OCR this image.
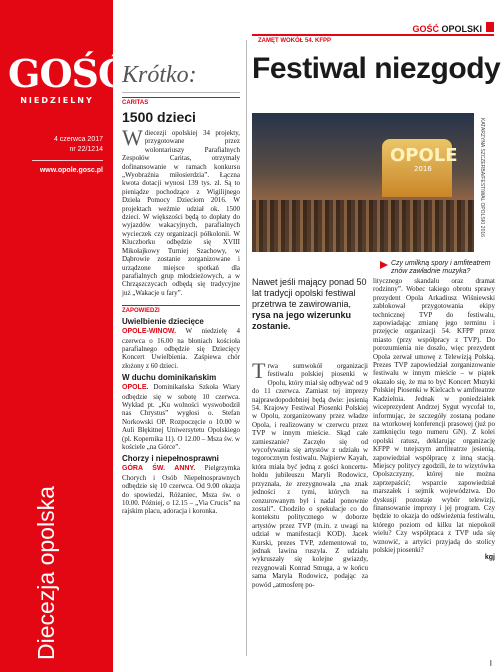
GOŚĆ
NIEDZIELNY
4 czerwca 2017
nr 22/1214
www.opole.gosc.pl
Diecezja opolska
GOŚĆ OPOLSKI
Krótko:
CARITAS
1500 dzieci

Wdiecezji opolskiej 34 projekty, przygotowane przez wolontariuszy Parafialnych Zespołów Caritas, otrzymały dofinansowanie w ramach konkursu „Wyobraźnia miłosierdzia”. Łączna kwota dotacji wynosi 139 tys. zł. Są to pieniądze pochodzące z Wigilijnego Dzieła Pomocy Dzieciom 2016. W projektach weźmie udział ok. 1500 dzieci. W większości będą to dopłaty do wyjazdów wakacyjnych, parafialnych wycieczek czy organizacji półkolonii. W Kluczborku odbędzie się XVIII Mikołajkowy Turniej Szachowy, w Dąbrowie zostanie zorganizowane i urządzone miejsce spotkań dla parafialnych grup młodzieżowych, a w Chrząszczycach odbędą się tradycyjne już „Wakacje u fary”.

ZAPOWIEDZI
Uwielbienie dziecięce

OPOLE-WINOW. W niedzielę 4 czerwca o 16.00 na błoniach kościoła parafialnego odbędzie się Dziecięcy Koncert Uwielbienia. Zaśpiewa chór złożony z 60 dzieci.

W duchu dominikańskim

OPOLE. Dominikańska Szkoła Wiary odbędzie się w sobotę 10 czerwca. Wykład pt. „Ku wolności wyswobodził nas Chrystus” wygłosi o. Stefan Norkowski OP. Rozpoczęcie o 10.00 w Auli Błękitnej Uniwersytetu Opolskiego (pl. Kopernika 11). O 12.00 – Msza św. w kościele „na Górce”.

Chorzy i niepełnosprawni

GÓRA ŚW. ANNY. Pielgrzymka Chorych i Osób Niepełnosprawnych odbędzie się 10 czerwca. Od 9.00 okazja do spowiedzi, Różaniec, Msza św. o 10.00. Później, o 12.15 – „Via Crucis” na rajskim placu, adoracja i koronka.

ZAMĘT WOKÓŁ 54. KFPP
Festiwal niezgody
OPOLE
2016	KATARZYNA SZCZERBA/FESTIWAL OPOLSKI 2016
Czy umilkną spory i amfiteatrem znów zawładnie muzyka?
Nawet jeśli mający ponad 50 lat tradycji opolski festiwal przetrwa te zawirowania, rysa na jego wizerunku zostanie.

Trwa sumwokół organizacji festiwalu polskiej piosenki w Opolu, który miał się odbywać od 9 do 11 czerwca. Zamiast tej imprezy najprawdopodobniej będą dwie: jesienią 54. Krajowy Festiwal Piosenki Polskiej w Opolu, zorganizowany przez władze Opola, i realizowany w czerwcu przez TVP w innym mieście. Skąd całe zamieszanie? Zaczęło się od wycofywania się artystów z udziału w tegorocznym festiwalu. Najpierw Kayah, która miała być jedną z gości koncertu-hołdu jubileuszu Maryli Rodowicz, przyznała, że zrezygnowała „na znak jedności z tymi, których na cenzurowanym był i nadal ponownie zostali”. Chodziło o spekulacje co do kontekstu politycznego w doborze artystów przez TVP (m.in. z uwagi na udział w manifestacji KOD). Jacek Kurski, prezes TVP, zdementował to, jednak lawina ruszyła. Z udziału wykruszały się kolejne gwiazdy, rezygnowali Konrad Smuga, a w końcu sama Maryla Rodowicz, podając za powód „atmosferę po-

litycznego skandalu oraz dramat rodzinny”. Wobec takiego obrotu sprawy prezydent Opola Arkadiusz Wiśniewski zablokował przygotowania ekipy technicznej TVP do festiwalu, zapowiadając zmianę jego terminu i przejęcie organizacji 54. KFPP przez miasto (przy współpracy z TVP). Do porozumienia nie doszło, więc prezydent Opola zerwał umowę z Telewizją Polską. Prezes TVP zapowiedział zorganizowanie festiwalu w innym mieście – w piątek okazało się, że ma to być Koncert Muzyki Polskiej Piosenki w Kielcach w amfiteatrze Kadzielnia. Jednak w poniedziałek wiceprezydent Andrzej Sygut wycofał to, informując, że szczegóły zostaną podane na wtorkowej konferencji prasowej (już po zamknięciu tego numeru GN). Z kolei opolski ratusz, deklarując organizację KFPP w tutejszym amfiteatrze jesienią, zapowiedział współpracę z inną stacją. Miejscy politycy zgodzili, że to wizytówka Opolszczyzny, której nie można zaprzepaścić; wsparcie zapowiedział marszałek i sejmik województwa. Do dyskusji pozostaje wybór telewizji, finansowanie imprezy i jej program. Czy będzie to okazja do odświeżenia festiwalu, którego poziom od kilku lat niepokoił wielu? Czy współpraca z TVP uda się wznowić, a artyści przyjadą do stolicy polskiej piosenki?

kgj
I
